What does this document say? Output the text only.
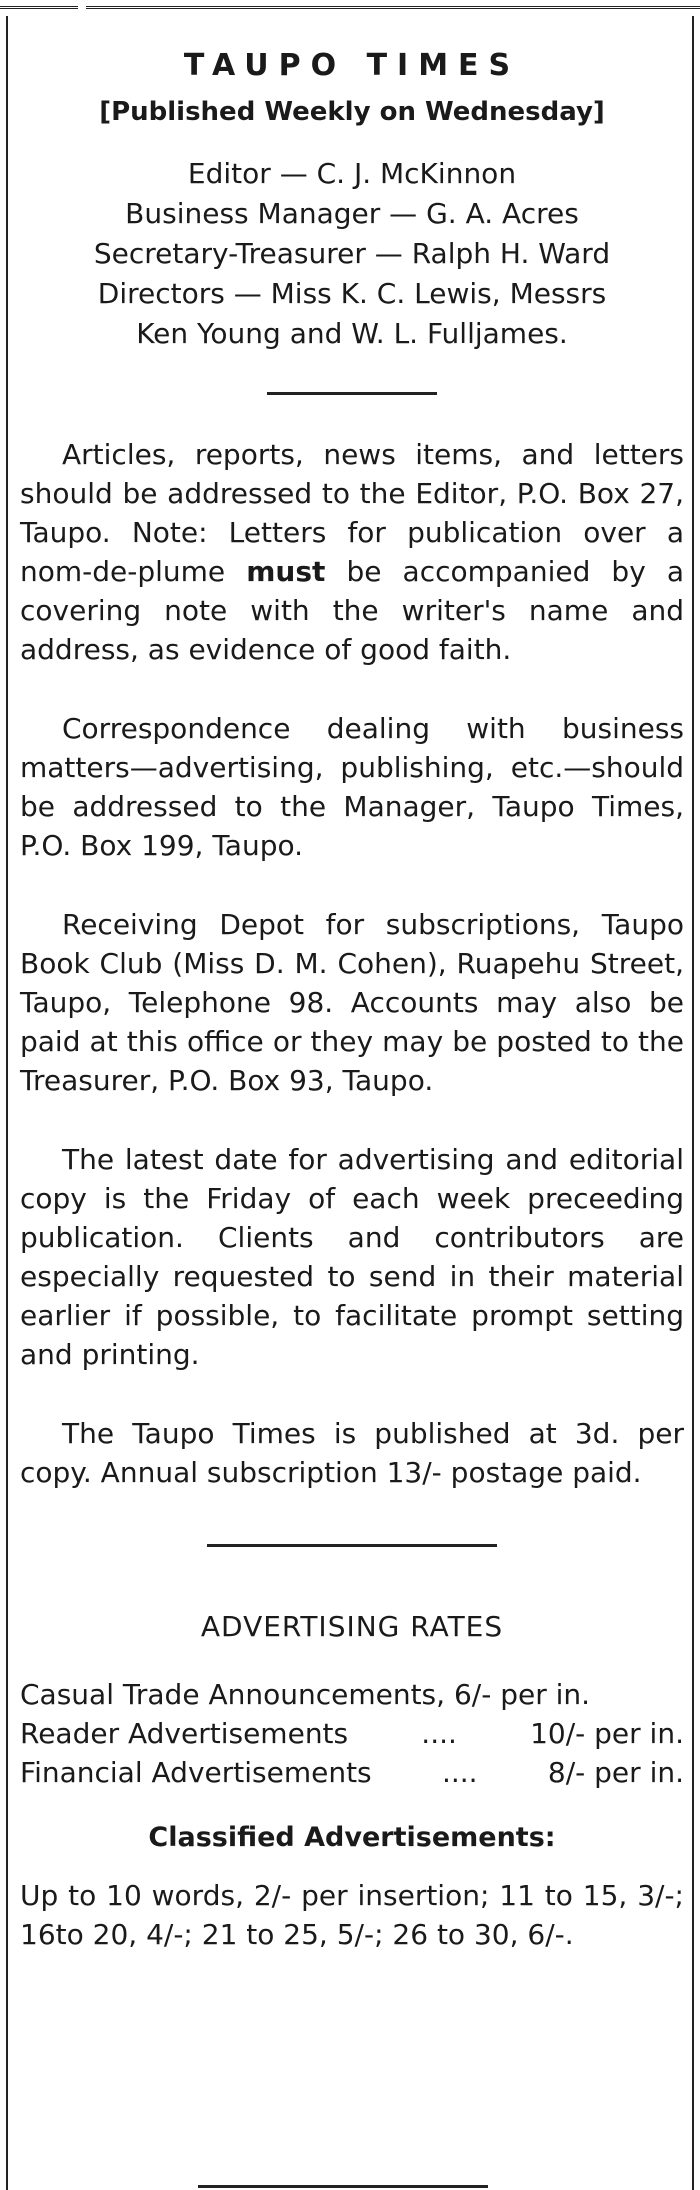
TAUPO TIMES
[Published Weekly on Wednesday]
Editor — C. J. McKinnon
Business Manager — G. A. Acres
Secretary-Treasurer — Ralph H. Ward
Directors — Miss K. C. Lewis, Messrs
Ken Young and W. L. Fulljames.

Articles, reports, news items, and letters should be addressed to the Editor, P.O. Box 27, Taupo. Note: Letters for publication over a nom-de-plume must be accompanied by a covering note with the writer's name and address, as evidence of good faith.

Correspondence dealing with business matters—advertising, publishing, etc.—should be addressed to the Manager, Taupo Times, P.O. Box 199, Taupo.

Receiving Depot for subscriptions, Taupo Book Club (Miss D. M. Cohen), Ruapehu Street, Taupo, Telephone 98. Accounts may also be paid at this office or they may be posted to the Treasurer, P.O. Box 93, Taupo.

The latest date for advertising and editorial copy is the Friday of each week preceeding publication. Clients and contributors are especially requested to send in their material earlier if possible, to facilitate prompt setting and printing.

The Taupo Times is published at 3d. per copy. Annual subscription 13/- postage paid.

ADVERTISING RATES
Casual Trade Announcements, 6/- per in.
Reader Advertisements	....	10/- per in.
Financial Advertisements	....	8/- per in.
Classified Advertisements:
Up to 10 words, 2/- per insertion; 11 to 15, 3/-; 16to 20, 4/-; 21 to 25, 5/-; 26 to 30, 6/-.
